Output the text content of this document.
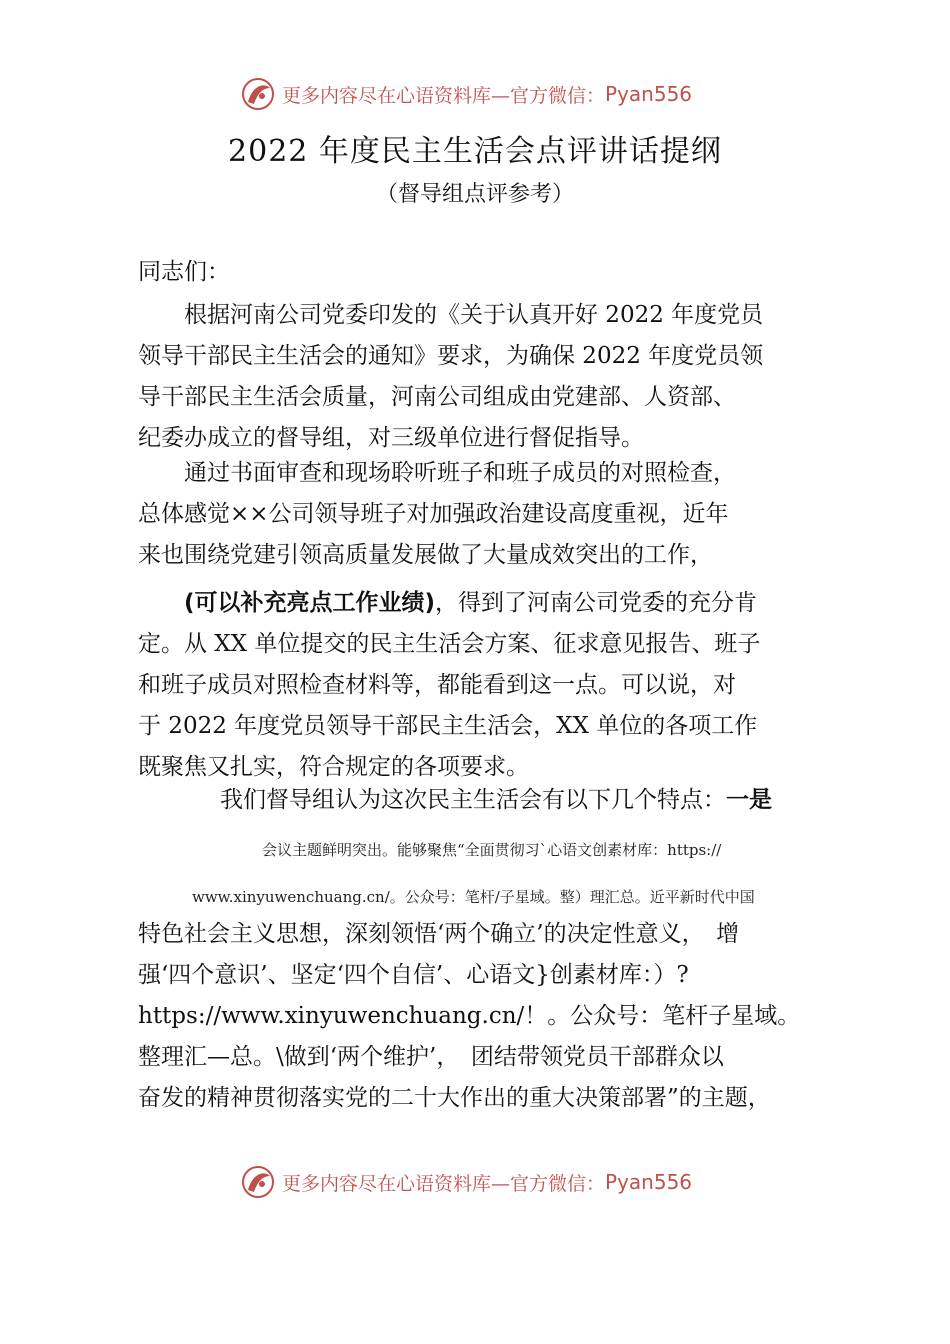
更多内容尽在心语资料库—官方微信： Pyan556
2022 年度民主生活会点评讲话提纲
（督导组点评参考）
同志们：
　　根据河南公司党委印发的《关于认真开好 2022 年度党员
领导干部民主生活会的通知》要求，为确保 2022 年度党员领
导干部民主生活会质量，河南公司组成由党建部、人资部、
纪委办成立的督导组，对三级单位进行督促指导。
　　通过书面审查和现场聆听班子和班子成员的对照检查，
总体感觉××公司领导班子对加强政治建设高度重视，近年
来也围绕党建引领高质量发展做了大量成效突出的工作，
(可以补充亮点工作业绩)，得到了河南公司党委的充分肯
定。从 XX 单位提交的民主生活会方案、征求意见报告、班子
和班子成员对照检查材料等，都能看到这一点。可以说，对
于 2022 年度党员领导干部民主生活会，XX 单位的各项工作
既聚焦又扎实，符合规定的各项要求。
我们督导组认为这次民主生活会有以下几个特点：一是
会议主题鲜明突出。能够聚焦“全面贯彻习`心语文创素材库：https://
www.xinyuwenchuang.cn/。公众号：笔杆/子星域。整）理汇总。近平新时代中国
特色社会主义思想，深刻领悟‘两个确立’的决定性意义，　增
强‘四个意识’、坚定‘四个自信’、心语文}创素材库：）?
https://www.xinyuwenchuang.cn/！。公众号：笔杆子星域。
整理汇—总。\做到‘两个维护’，　团结带领党员干部群众以
奋发的精神贯彻落实党的二十大作出的重大决策部署”的主题，
更多内容尽在心语资料库—官方微信： Pyan556
